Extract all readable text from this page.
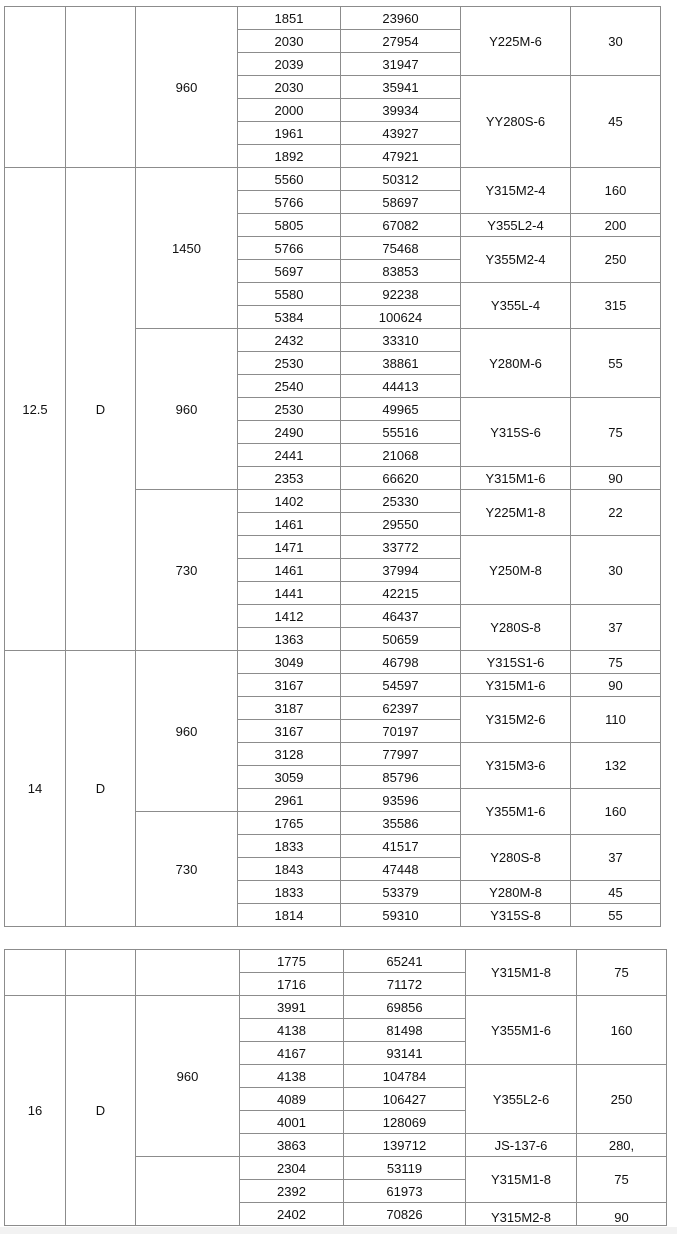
		960	1851	23960	Y225M-6	30
			2030	27954		
			2039	31947		
			2030	35941	YY280S-6	45
			2000	39934		
			1961	43927		
			1892	47921		
12.5	D	1450	5560	50312	Y315M2-4	160
			5766	58697		
			5805	67082	Y355L2-4	200
			5766	75468	Y355M2-4	250
			5697	83853		
			5580	92238	Y355L-4	315
			5384	100624		
		960	2432	33310	Y280M-6	55
			2530	38861		
			2540	44413		
			2530	49965	Y315S-6	75
			2490	55516		
			2441	21068		
			2353	66620	Y315M1-6	90
		730	1402	25330	Y225M1-8	22
			1461	29550		
			1471	33772	Y250M-8	30
			1461	37994		
			1441	42215		
			1412	46437	Y280S-8	37
			1363	50659		
14	D	960	3049	46798	Y315S1-6	75
			3167	54597	Y315M1-6	90
			3187	62397	Y315M2-6	110
			3167	70197		
			3128	77997	Y315M3-6	132
			3059	85796		
			2961	93596	Y355M1-6	160
		730	1765	35586		
			1833	41517	Y280S-8	37
			1843	47448		
			1833	53379	Y280M-8	45
			1814	59310	Y315S-8	55
			1775	65241	Y315M1-8	75	
			1716	71172			
16	D	960	3991	69856	Y355M1-6	160	
			4138	81498			
			4167	93141		
			4138	104784	Y355L2-6	250	
			4089	106427			
			4001	128069			
			3863	139712	JS-137-6	280,	
			2304	53119	Y315M1-8	75	
			2392	61973			
			2402	70826	Y315M2-8	90	
